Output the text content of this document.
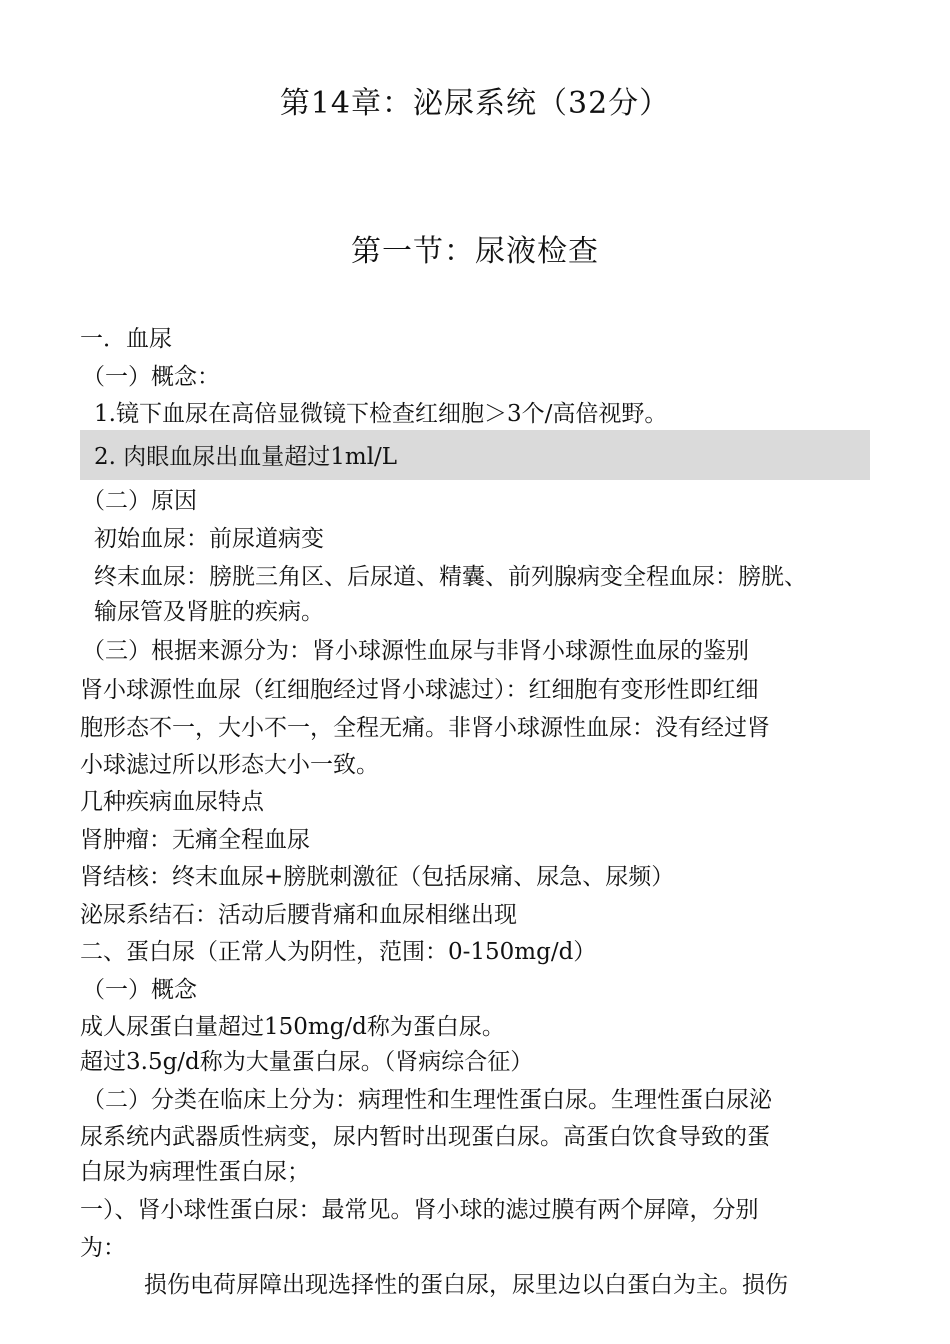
第14章：泌尿系统（32分）
第一节：尿液检查
一．血尿
（一）概念：
1.镜下血尿在高倍显微镜下检查红细胞＞3个/高倍视野。
2. 肉眼血尿出血量超过1ml/L
（二）原因
初始血尿：前尿道病变
终末血尿：膀胱三角区、后尿道、精囊、前列腺病变全程血尿：膀胱、
输尿管及肾脏的疾病。
（三）根据来源分为：肾小球源性血尿与非肾小球源性血尿的鉴别
肾小球源性血尿（红细胞经过肾小球滤过）：红细胞有变形性即红细
胞形态不一，大小不一，全程无痛。非肾小球源性血尿：没有经过肾
小球滤过所以形态大小一致。
几种疾病血尿特点
肾肿瘤：无痛全程血尿
肾结核：终末血尿+膀胱刺激征（包括尿痛、尿急、尿频）
泌尿系结石：活动后腰背痛和血尿相继出现
二、蛋白尿（正常人为阴性，范围：0-150mg/d）
（一）概念
成人尿蛋白量超过150mg/d称为蛋白尿。
超过3.5g/d称为大量蛋白尿。（肾病综合征）
（二）分类在临床上分为：病理性和生理性蛋白尿。生理性蛋白尿泌
尿系统内武器质性病变，尿内暂时出现蛋白尿。高蛋白饮食导致的蛋
白尿为病理性蛋白尿；
一）、肾小球性蛋白尿：最常见。肾小球的滤过膜有两个屏障，分别
为：
损伤电荷屏障出现选择性的蛋白尿，尿里边以白蛋白为主。损伤
